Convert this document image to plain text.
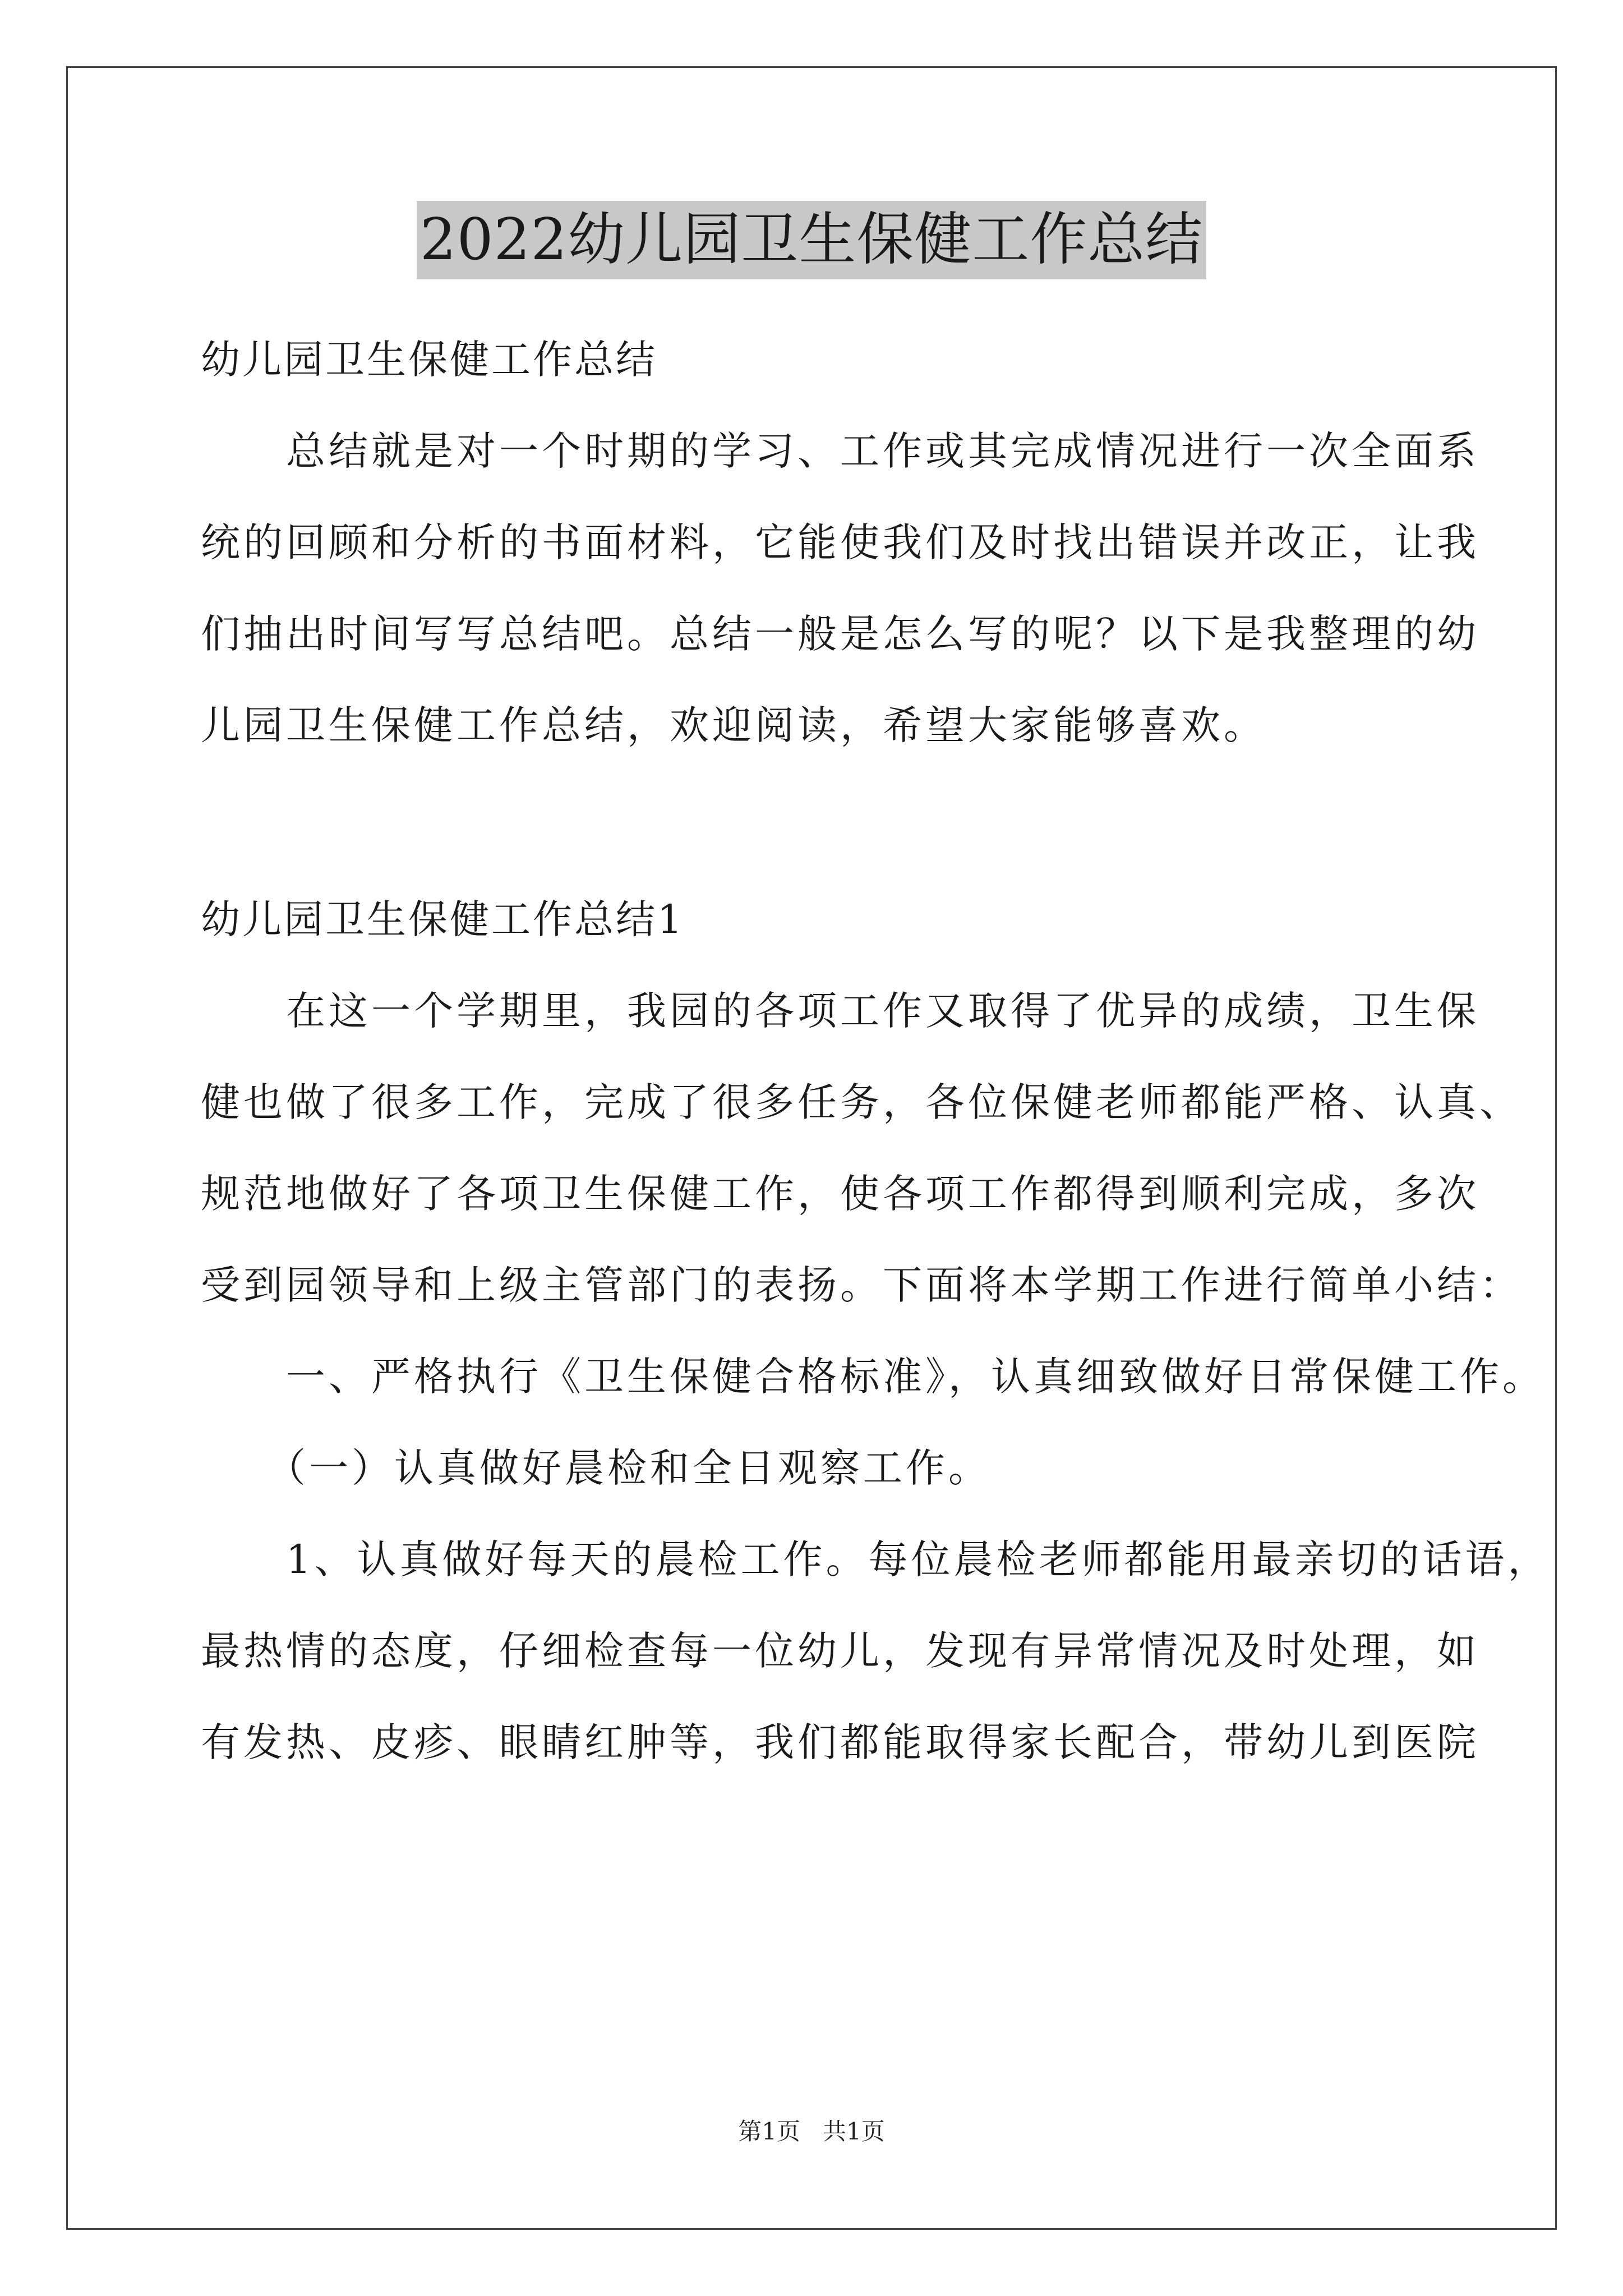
2022幼儿园卫生保健工作总结
幼儿园卫生保健工作总结
　　总结就是对一个时期的学习、工作或其完成情况进行一次全面系
统的回顾和分析的书面材料，它能使我们及时找出错误并改正，让我
们抽出时间写写总结吧。总结一般是怎么写的呢？以下是我整理的幼
儿园卫生保健工作总结，欢迎阅读，希望大家能够喜欢。
幼儿园卫生保健工作总结1
　　在这一个学期里，我园的各项工作又取得了优异的成绩，卫生保
健也做了很多工作，完成了很多任务，各位保健老师都能严格、认真、
规范地做好了各项卫生保健工作，使各项工作都得到顺利完成，多次
受到园领导和上级主管部门的表扬。下面将本学期工作进行简单小结：
　　一、严格执行《卫生保健合格标准》，认真细致做好日常保健工作。
　　（一）认真做好晨检和全日观察工作。
　　1、认真做好每天的晨检工作。每位晨检老师都能用最亲切的话语，
最热情的态度，仔细检查每一位幼儿，发现有异常情况及时处理，如
有发热、皮疹、眼睛红肿等，我们都能取得家长配合，带幼儿到医院
第1页 共1页
